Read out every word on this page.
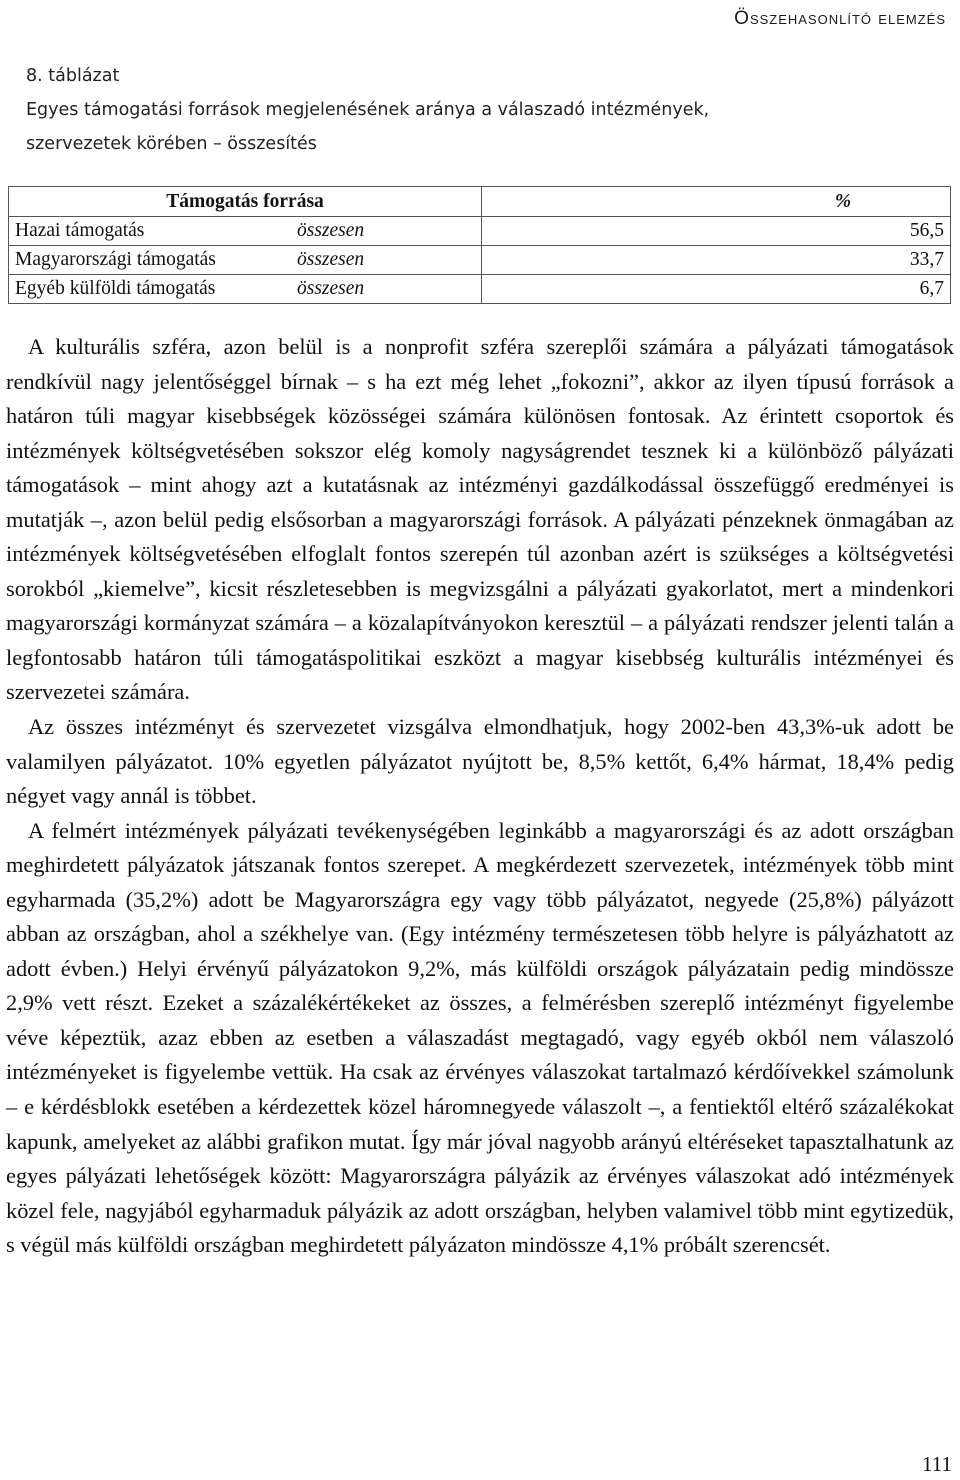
Összehasonlító elemzés
8. táblázat
Egyes támogatási források megjelenésének aránya a válaszadó intézmények,
szervezetek körében – összesítés
Támogatás forrása	%
Hazai támogatás összesen	56,5
Magyarországi támogatás összesen	33,7
Egyéb külföldi támogatás összesen	6,7

A kulturális szféra, azon belül is a nonprofit szféra szereplői számára a pályázati támogatások rendkívül nagy jelentőséggel bírnak – s ha ezt még lehet „fokozni”, akkor az ilyen típusú források a határon túli magyar kisebbségek közösségei számára különösen fontosak. Az érintett csoportok és intézmények költségvetésében sokszor elég komoly nagyságrendet tesznek ki a különböző pályázati támogatások – mint ahogy azt a kutatásnak az intézményi gazdálkodással összefüggő eredményei is mutatják –, azon belül pedig elsősorban a magyarországi források. A pályázati pénzeknek önmagában az intézmények költségvetésében elfoglalt fontos szerepén túl azonban azért is szükséges a költségvetési sorokból „kiemelve”, kicsit részletesebben is megvizsgálni a pályázati gyakorlatot, mert a mindenkori magyarországi kormányzat számára – a közalapítványokon keresztül – a pályázati rendszer jelenti talán a legfontosabb határon túli támogatáspolitikai eszközt a magyar kisebbség kulturális intézményei és szervezetei számára.

Az összes intézményt és szervezetet vizsgálva elmondhatjuk, hogy 2002-ben 43,3%-uk adott be valamilyen pályázatot. 10% egyetlen pályázatot nyújtott be, 8,5% kettőt, 6,4% hármat, 18,4% pedig négyet vagy annál is többet.

A felmért intézmények pályázati tevékenységében leginkább a magyarországi és az adott országban meghirdetett pályázatok játszanak fontos szerepet. A megkérdezett szervezetek, intézmények több mint egyharmada (35,2%) adott be Magyarországra egy vagy több pályázatot, negyede (25,8%) pályázott abban az országban, ahol a székhelye van. (Egy intézmény természetesen több helyre is pályázhatott az adott évben.) Helyi érvényű pályázatokon 9,2%, más külföldi országok pályázatain pedig mindössze 2,9% vett részt. Ezeket a százalékértékeket az összes, a felmérésben szereplő intézményt figyelembe véve képeztük, azaz ebben az esetben a válaszadást megtagadó, vagy egyéb okból nem válaszoló intézményeket is figyelembe vettük. Ha csak az érvényes válaszokat tartalmazó kérdőívekkel számolunk – e kérdésblokk esetében a kérdezettek közel háromnegyede válaszolt –, a fentiektől eltérő százalékokat kapunk, amelyeket az alábbi grafikon mutat. Így már jóval nagyobb arányú eltéréseket tapasztalhatunk az egyes pályázati lehetőségek között: Magyarországra pályázik az érvényes válaszokat adó intézmények közel fele, nagyjából egyharmaduk pályázik az adott országban, helyben valamivel több mint egytizedük, s végül más külföldi országban meghirdetett pályázaton mindössze 4,1% próbált szerencsét.

111
